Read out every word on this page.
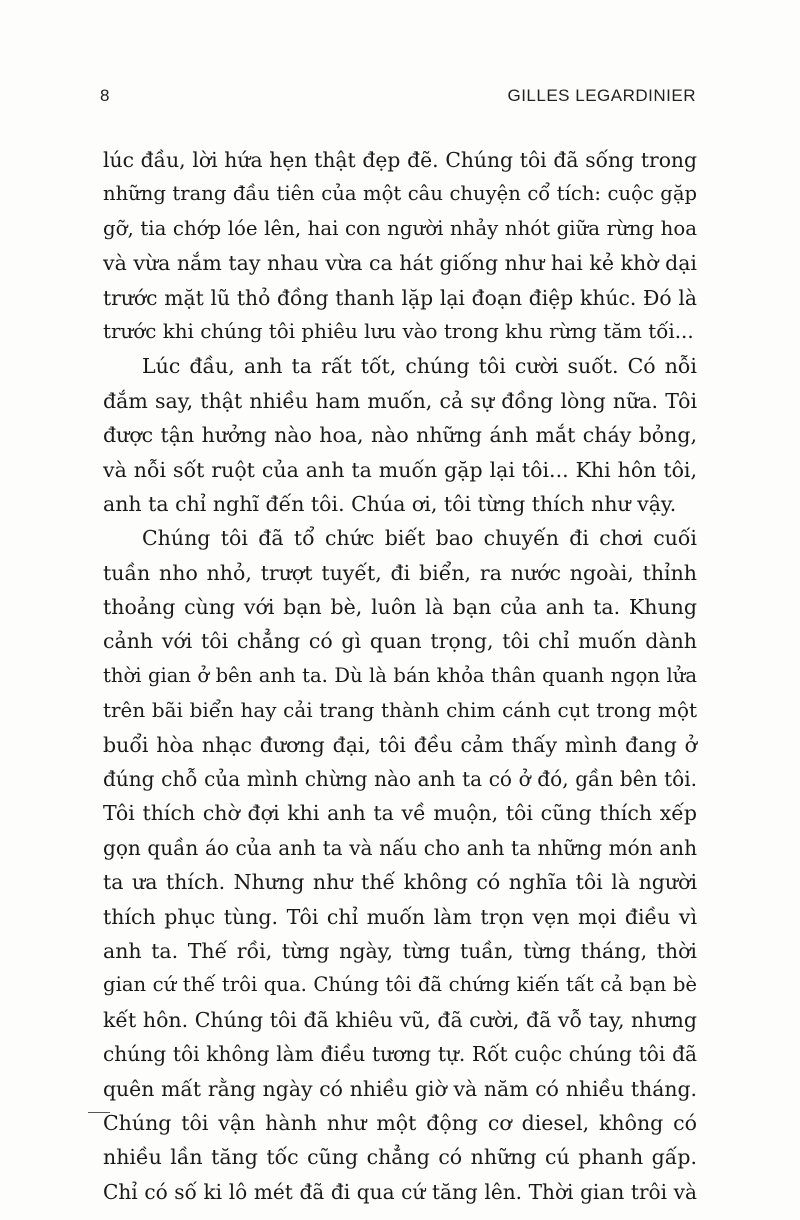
8	GILLES LEGARDINIER
lúc đầu, lời hứa hẹn thật đẹp đẽ. Chúng tôi đã sống trong
những trang đầu tiên của một câu chuyện cổ tích: cuộc gặp
gỡ, tia chớp lóe lên, hai con người nhảy nhót giữa rừng hoa
và vừa nắm tay nhau vừa ca hát giống như hai kẻ khờ dại
trước mặt lũ thỏ đồng thanh lặp lại đoạn điệp khúc. Đó là
trước khi chúng tôi phiêu lưu vào trong khu rừng tăm tối...
Lúc đầu, anh ta rất tốt, chúng tôi cười suốt. Có nỗi
đắm say, thật nhiều ham muốn, cả sự đồng lòng nữa. Tôi
được tận hưởng nào hoa, nào những ánh mắt cháy bỏng,
và nỗi sốt ruột của anh ta muốn gặp lại tôi... Khi hôn tôi,
anh ta chỉ nghĩ đến tôi. Chúa ơi, tôi từng thích như vậy.
Chúng tôi đã tổ chức biết bao chuyến đi chơi cuối
tuần nho nhỏ, trượt tuyết, đi biển, ra nước ngoài, thỉnh
thoảng cùng với bạn bè, luôn là bạn của anh ta. Khung
cảnh với tôi chẳng có gì quan trọng, tôi chỉ muốn dành
thời gian ở bên anh ta. Dù là bán khỏa thân quanh ngọn lửa
trên bãi biển hay cải trang thành chim cánh cụt trong một
buổi hòa nhạc đương đại, tôi đều cảm thấy mình đang ở
đúng chỗ của mình chừng nào anh ta có ở đó, gần bên tôi.
Tôi thích chờ đợi khi anh ta về muộn, tôi cũng thích xếp
gọn quần áo của anh ta và nấu cho anh ta những món anh
ta ưa thích. Nhưng như thế không có nghĩa tôi là người
thích phục tùng. Tôi chỉ muốn làm trọn vẹn mọi điều vì
anh ta. Thế rồi, từng ngày, từng tuần, từng tháng, thời
gian cứ thế trôi qua. Chúng tôi đã chứng kiến tất cả bạn bè
kết hôn. Chúng tôi đã khiêu vũ, đã cười, đã vỗ tay, nhưng
chúng tôi không làm điều tương tự. Rốt cuộc chúng tôi đã
quên mất rằng ngày có nhiều giờ và năm có nhiều tháng.
Chúng tôi vận hành như một động cơ diesel, không có
nhiều lần tăng tốc cũng chẳng có những cú phanh gấp.
Chỉ có số ki lô mét đã đi qua cứ tăng lên. Thời gian trôi và
